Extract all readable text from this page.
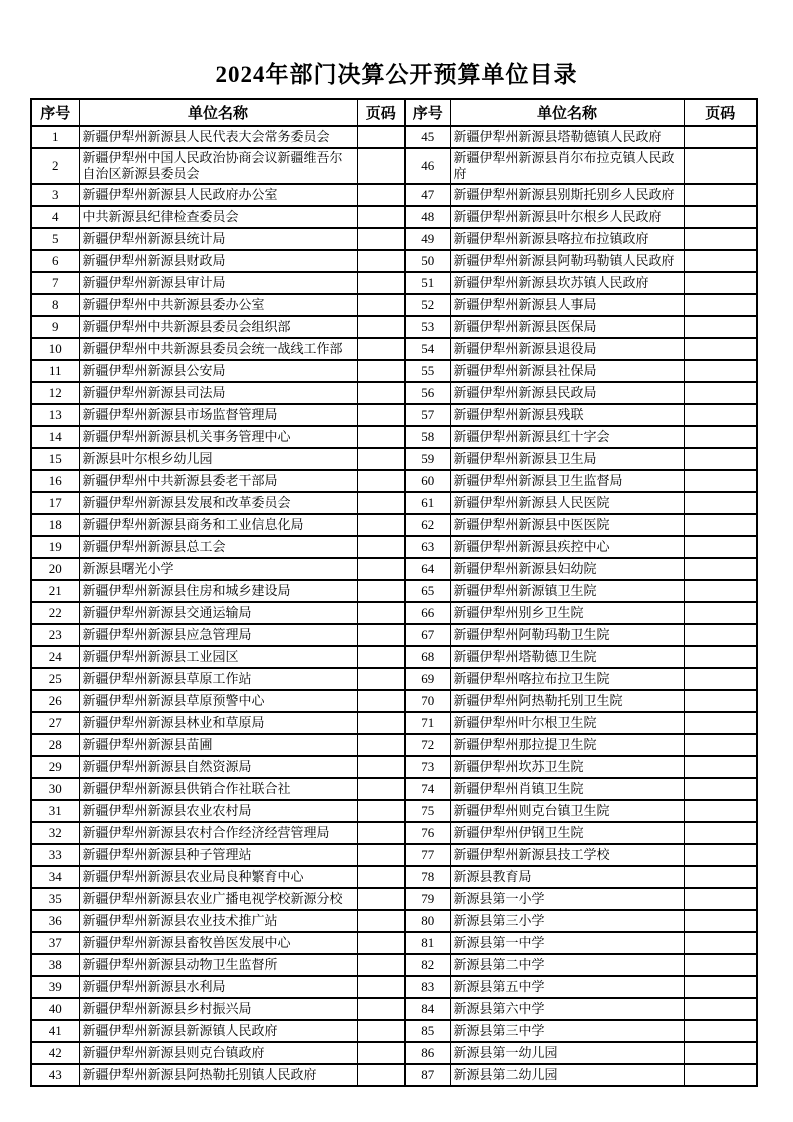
2024年部门决算公开预算单位目录
序号	单位名称	页码	序号	单位名称	页码
1	新疆伊犁州新源县人民代表大会常务委员会		45	新疆伊犁州新源县塔勒德镇人民政府	
2	新疆伊犁州中国人民政治协商会议新疆维吾尔自治区新源县委员会		46	新疆伊犁州新源县肖尔布拉克镇人民政府	
3	新疆伊犁州新源县人民政府办公室		47	新疆伊犁州新源县别斯托别乡人民政府	
4	中共新源县纪律检查委员会		48	新疆伊犁州新源县叶尔根乡人民政府	
5	新疆伊犁州新源县统计局		49	新疆伊犁州新源县喀拉布拉镇政府	
6	新疆伊犁州新源县财政局		50	新疆伊犁州新源县阿勒玛勒镇人民政府	
7	新疆伊犁州新源县审计局		51	新疆伊犁州新源县坎苏镇人民政府	
8	新疆伊犁州中共新源县委办公室		52	新疆伊犁州新源县人事局	
9	新疆伊犁州中共新源县委员会组织部		53	新疆伊犁州新源县医保局	
10	新疆伊犁州中共新源县委员会统一战线工作部		54	新疆伊犁州新源县退役局	
11	新疆伊犁州新源县公安局		55	新疆伊犁州新源县社保局	
12	新疆伊犁州新源县司法局		56	新疆伊犁州新源县民政局	
13	新疆伊犁州新源县市场监督管理局		57	新疆伊犁州新源县残联	
14	新疆伊犁州新源县机关事务管理中心		58	新疆伊犁州新源县红十字会	
15	新源县叶尔根乡幼儿园		59	新疆伊犁州新源县卫生局	
16	新疆伊犁州中共新源县委老干部局		60	新疆伊犁州新源县卫生监督局	
17	新疆伊犁州新源县发展和改革委员会		61	新疆伊犁州新源县人民医院	
18	新疆伊犁州新源县商务和工业信息化局		62	新疆伊犁州新源县中医医院	
19	新疆伊犁州新源县总工会		63	新疆伊犁州新源县疾控中心	
20	新源县曙光小学		64	新疆伊犁州新源县妇幼院	
21	新疆伊犁州新源县住房和城乡建设局		65	新疆伊犁州新源镇卫生院	
22	新疆伊犁州新源县交通运输局		66	新疆伊犁州别乡卫生院	
23	新疆伊犁州新源县应急管理局		67	新疆伊犁州阿勒玛勒卫生院	
24	新疆伊犁州新源县工业园区		68	新疆伊犁州塔勒德卫生院	
25	新疆伊犁州新源县草原工作站		69	新疆伊犁州喀拉布拉卫生院	
26	新疆伊犁州新源县草原预警中心		70	新疆伊犁州阿热勒托别卫生院	
27	新疆伊犁州新源县林业和草原局		71	新疆伊犁州叶尔根卫生院	
28	新疆伊犁州新源县苗圃		72	新疆伊犁州那拉提卫生院	
29	新疆伊犁州新源县自然资源局		73	新疆伊犁州坎苏卫生院	
30	新疆伊犁州新源县供销合作社联合社		74	新疆伊犁州肖镇卫生院	
31	新疆伊犁州新源县农业农村局		75	新疆伊犁州则克台镇卫生院	
32	新疆伊犁州新源县农村合作经济经营管理局		76	新疆伊犁州伊钢卫生院	
33	新疆伊犁州新源县种子管理站		77	新疆伊犁州新源县技工学校	
34	新疆伊犁州新源县农业局良种繁育中心		78	新源县教育局	
35	新疆伊犁州新源县农业广播电视学校新源分校		79	新源县第一小学	
36	新疆伊犁州新源县农业技术推广站		80	新源县第三小学	
37	新疆伊犁州新源县畜牧兽医发展中心		81	新源县第一中学	
38	新疆伊犁州新源县动物卫生监督所		82	新源县第二中学	
39	新疆伊犁州新源县水利局		83	新源县第五中学	
40	新疆伊犁州新源县乡村振兴局		84	新源县第六中学	
41	新疆伊犁州新源县新源镇人民政府		85	新源县第三中学	
42	新疆伊犁州新源县则克台镇政府		86	新源县第一幼儿园	
43	新疆伊犁州新源县阿热勒托别镇人民政府		87	新源县第二幼儿园	
